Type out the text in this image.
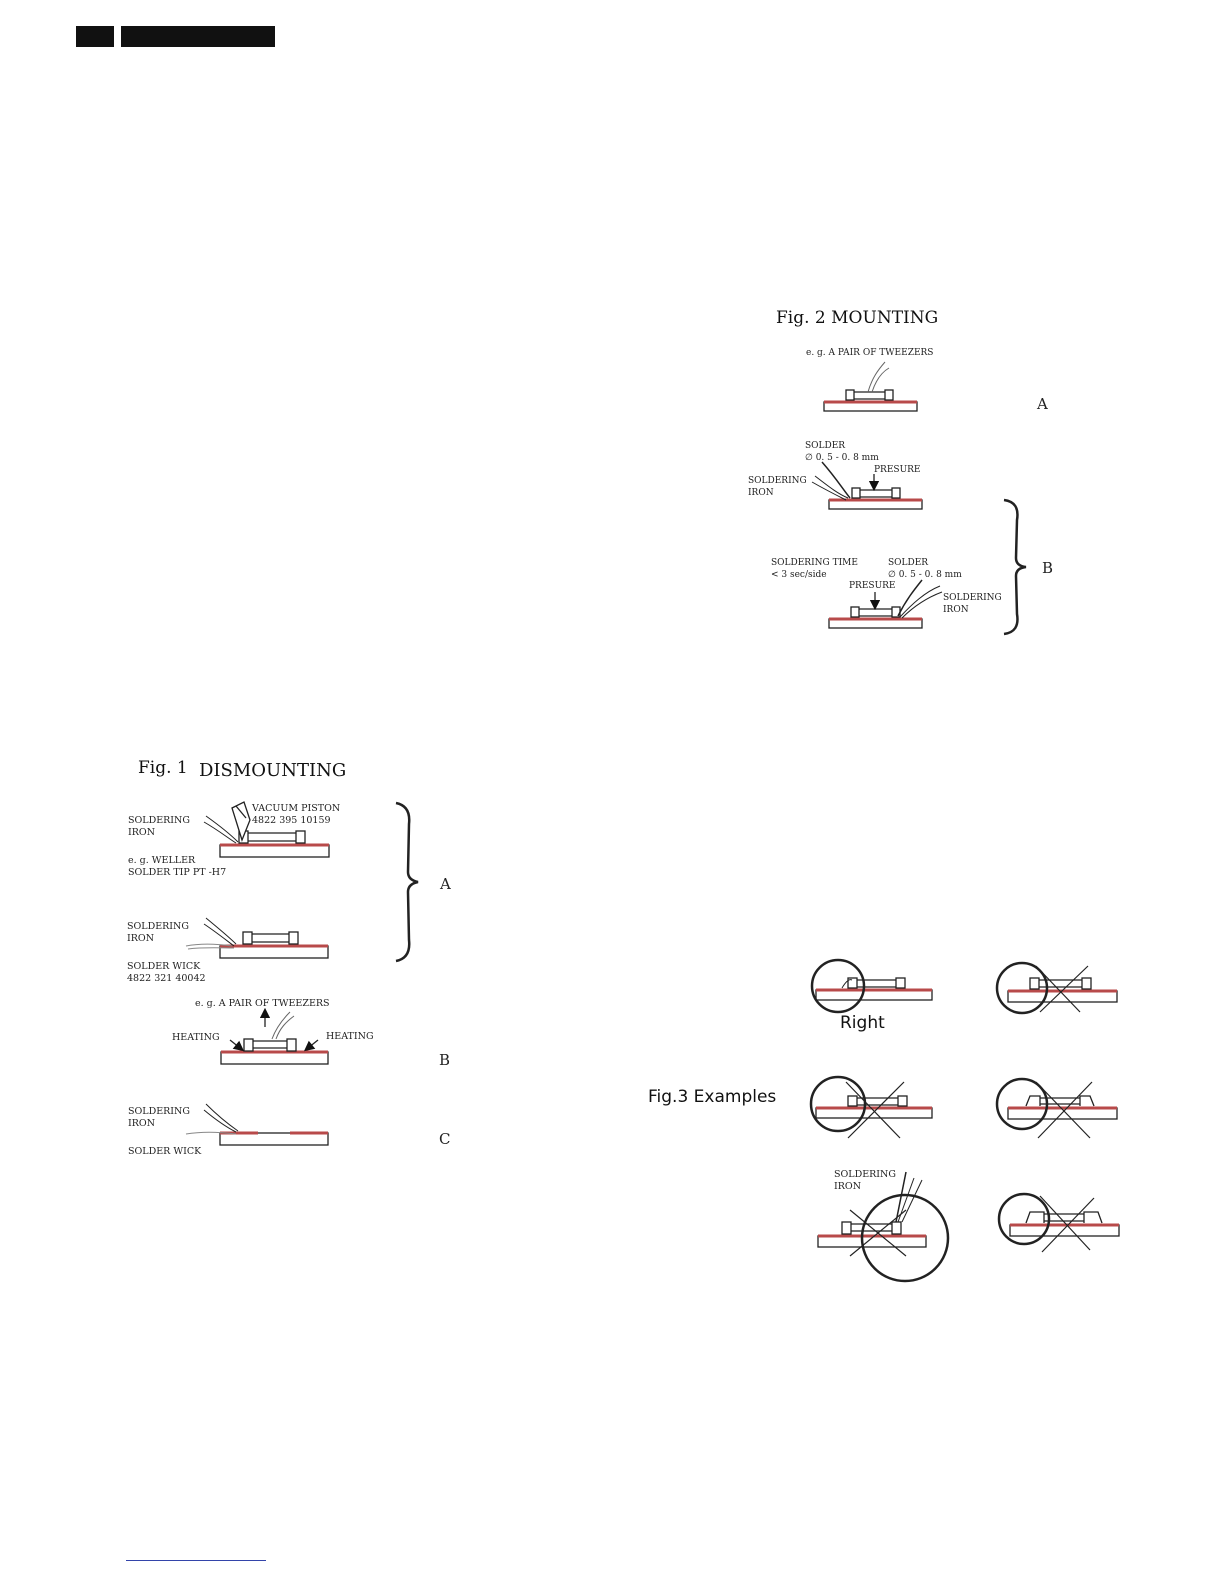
Fig. 2 MOUNTING
e. g. A PAIR OF TWEEZERS
SOLDER
∅ 0. 5 - 0. 8 mm
PRESURE
SOLDERING
IRON
SOLDERING TIME
< 3 sec/side
SOLDER
∅ 0. 5 - 0. 8 mm
PRESURE
SOLDERING
IRON
A
B
Fig. 1 DISMOUNTING
SOLDERING
IRON
VACUUM PISTON
4822 395 10159
e. g. WELLER
SOLDER TIP PT -H7
SOLDERING
IRON
SOLDER WICK
4822 321 40042
e. g. A PAIR OF TWEEZERS
HEATING	HEATING
SOLDERING
IRON
SOLDER WICK
A
B
C
Fig.3 Examples
Right
SOLDERING
IRON
